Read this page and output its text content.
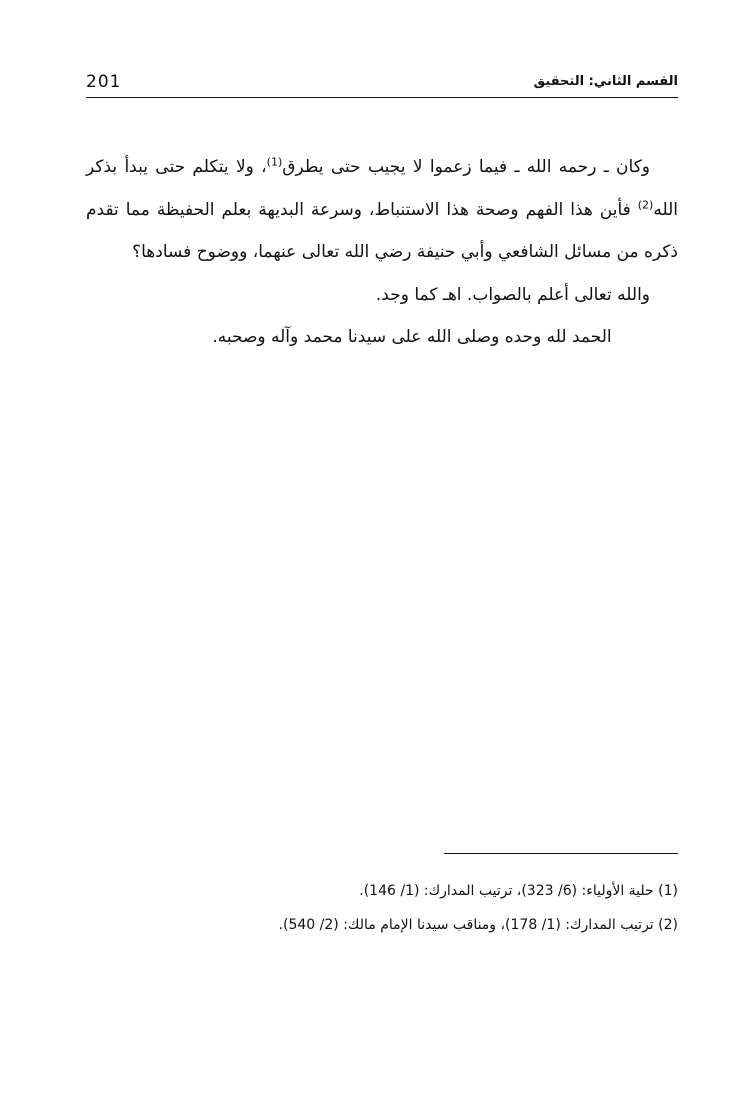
201	القسم الثاني: التحقيق

وكان ـ رحمه الله ـ فيما زعموا لا يجيب حتى يطرق$^{(1)}$، ولا يتكلم حتى يبدأ بذكر الله$^{(2)}$ فأين هذا الفهم وصحة هذا الاستنباط، وسرعة البديهة بعلم الحفيظة مما تقدم ذكره من مسائل الشافعي وأبي حنيفة رضي الله تعالى عنهما، ووضوح فسادها؟

والله تعالى أعلم بالصواب. اهـ كما وجد.

الحمد لله وحده وصلى الله على سيدنا محمد وآله وصحبه.

(1) حلية الأولياء: (6/ 323)، ترتيب المدارك: (1/ 146).

(2) ترتيب المدارك: (1/ 178)، ومناقب سيدنا الإمام مالك: (2/ 540).
